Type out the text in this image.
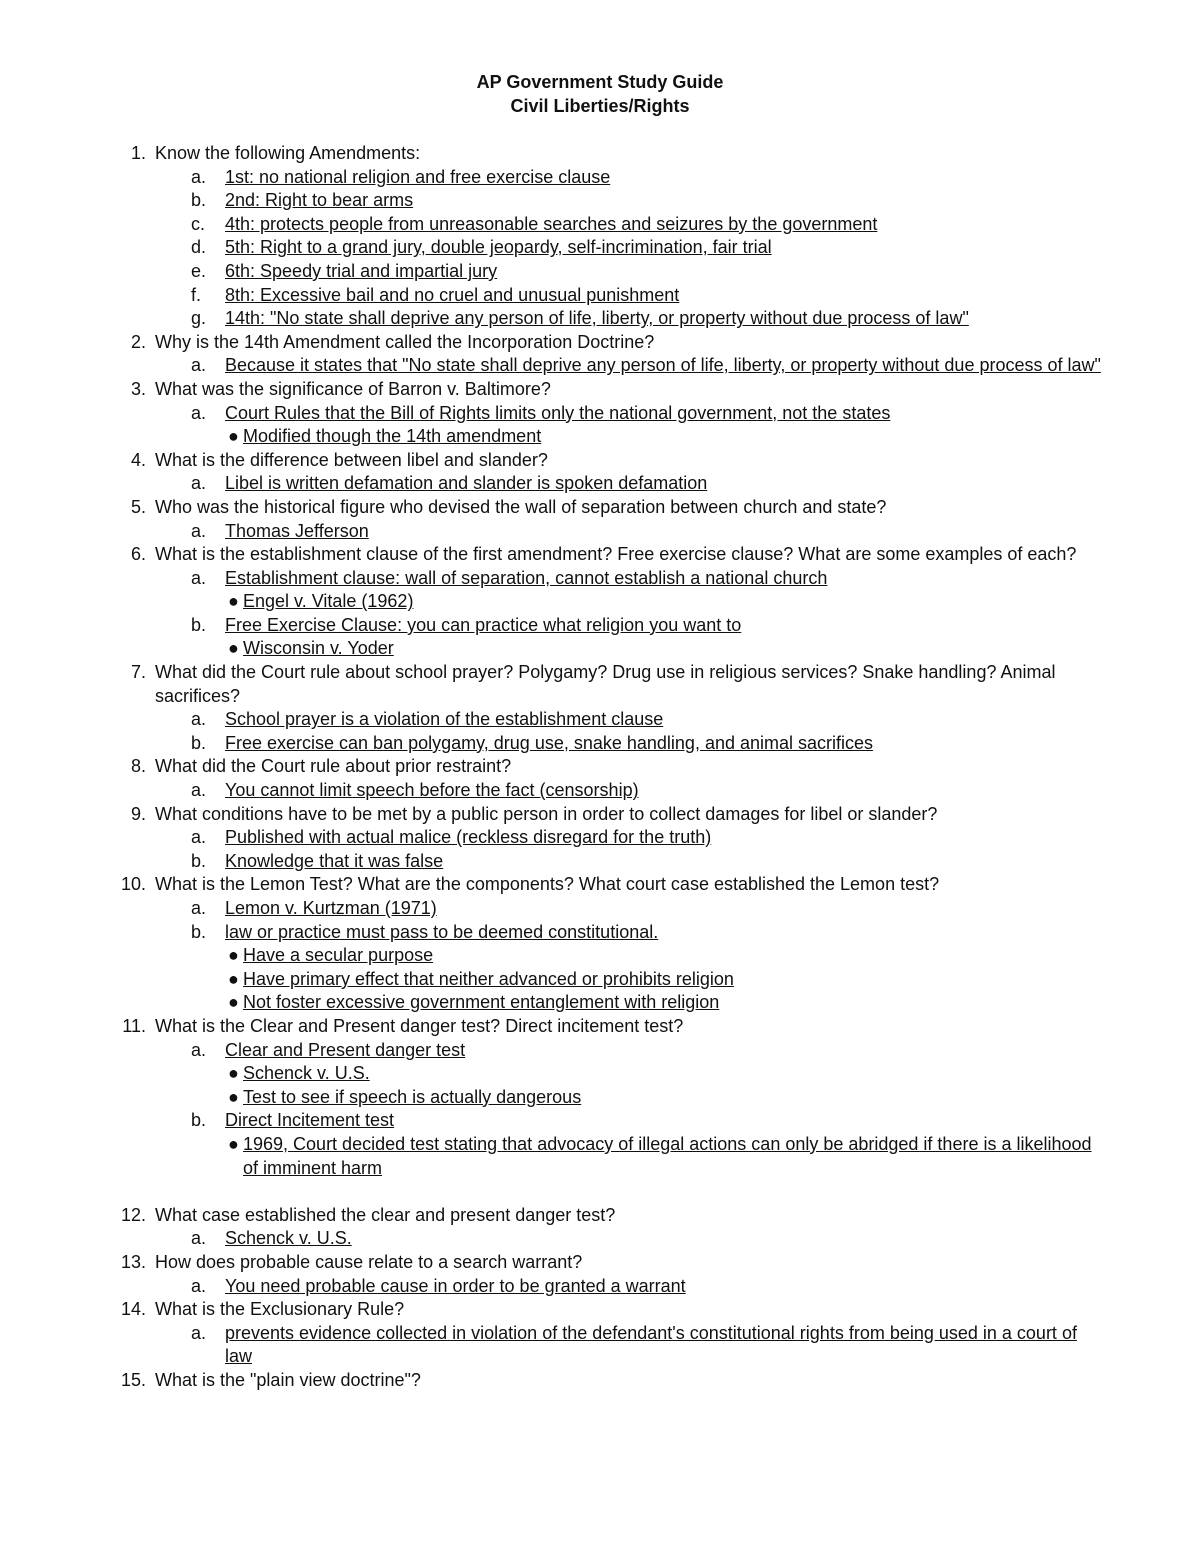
AP Government Study Guide
Civil Liberties/Rights
1 . Know the following Amendments:
a . 1st: no national religion and free exercise clause
b . 2nd: Right to bear arms
c . 4th: protects people from unreasonable searches and seizures by the government
d . 5th: Right to a grand jury, double jeopardy, self-incrimination, fair trial
e . 6th: Speedy trial and impartial jury
f . 8th: Excessive bail and no cruel and unusual punishment
g . 14th: "No state shall deprive any person of life, liberty, or property without due process of law"
2 . Why is the 14th Amendment called the Incorporation Doctrine?
a . Because it states that "No state shall deprive any person of life, liberty, or property without due process of law"
3 . What was the significance of Barron v. Baltimore?
a . Court Rules that the Bill of Rights limits only the national government, not the states
● Modified though the 14th amendment
4 . What is the difference between libel and slander?
a . Libel is written defamation and slander is spoken defamation
5 . Who was the historical figure who devised the wall of separation between church and state?
a . Thomas Jefferson
6 . What is the establishment clause of the first amendment? Free exercise clause? What are some examples of each?
a . Establishment clause: wall of separation, cannot establish a national church
● Engel v. Vitale (1962)
b . Free Exercise Clause: you can practice what religion you want to
● Wisconsin v. Yoder
7 . What did the Court rule about school prayer? Polygamy? Drug use in religious services? Snake handling? Animal sacrifices?
a . School prayer is a violation of the establishment clause
b . Free exercise can ban polygamy, drug use, snake handling, and animal sacrifices
8 . What did the Court rule about prior restraint?
a . You cannot limit speech before the fact (censorship)
9 . What conditions have to be met by a public person in order to collect damages for libel or slander?
a . Published with actual malice (reckless disregard for the truth)
b . Knowledge that it was false
10 . What is the Lemon Test? What are the components? What court case established the Lemon test?
a . Lemon v. Kurtzman (1971)
b . law or practice must pass to be deemed constitutional.
● Have a secular purpose
● Have primary effect that neither advanced or prohibits religion
● Not foster excessive government entanglement with religion
11 . What is the Clear and Present danger test? Direct incitement test?
a . Clear and Present danger test
● Schenck v. U.S.
● Test to see if speech is actually dangerous
b . Direct Incitement test
● 1969, Court decided test stating that advocacy of illegal actions can only be abridged if there is a likelihood of imminent harm
12 . What case established the clear and present danger test?
a . Schenck v. U.S.
13 . How does probable cause relate to a search warrant?
a . You need probable cause in order to be granted a warrant
14 . What is the Exclusionary Rule?
a . prevents evidence collected in violation of the defendant's constitutional rights from being used in a court of law
15 . What is the "plain view doctrine"?
